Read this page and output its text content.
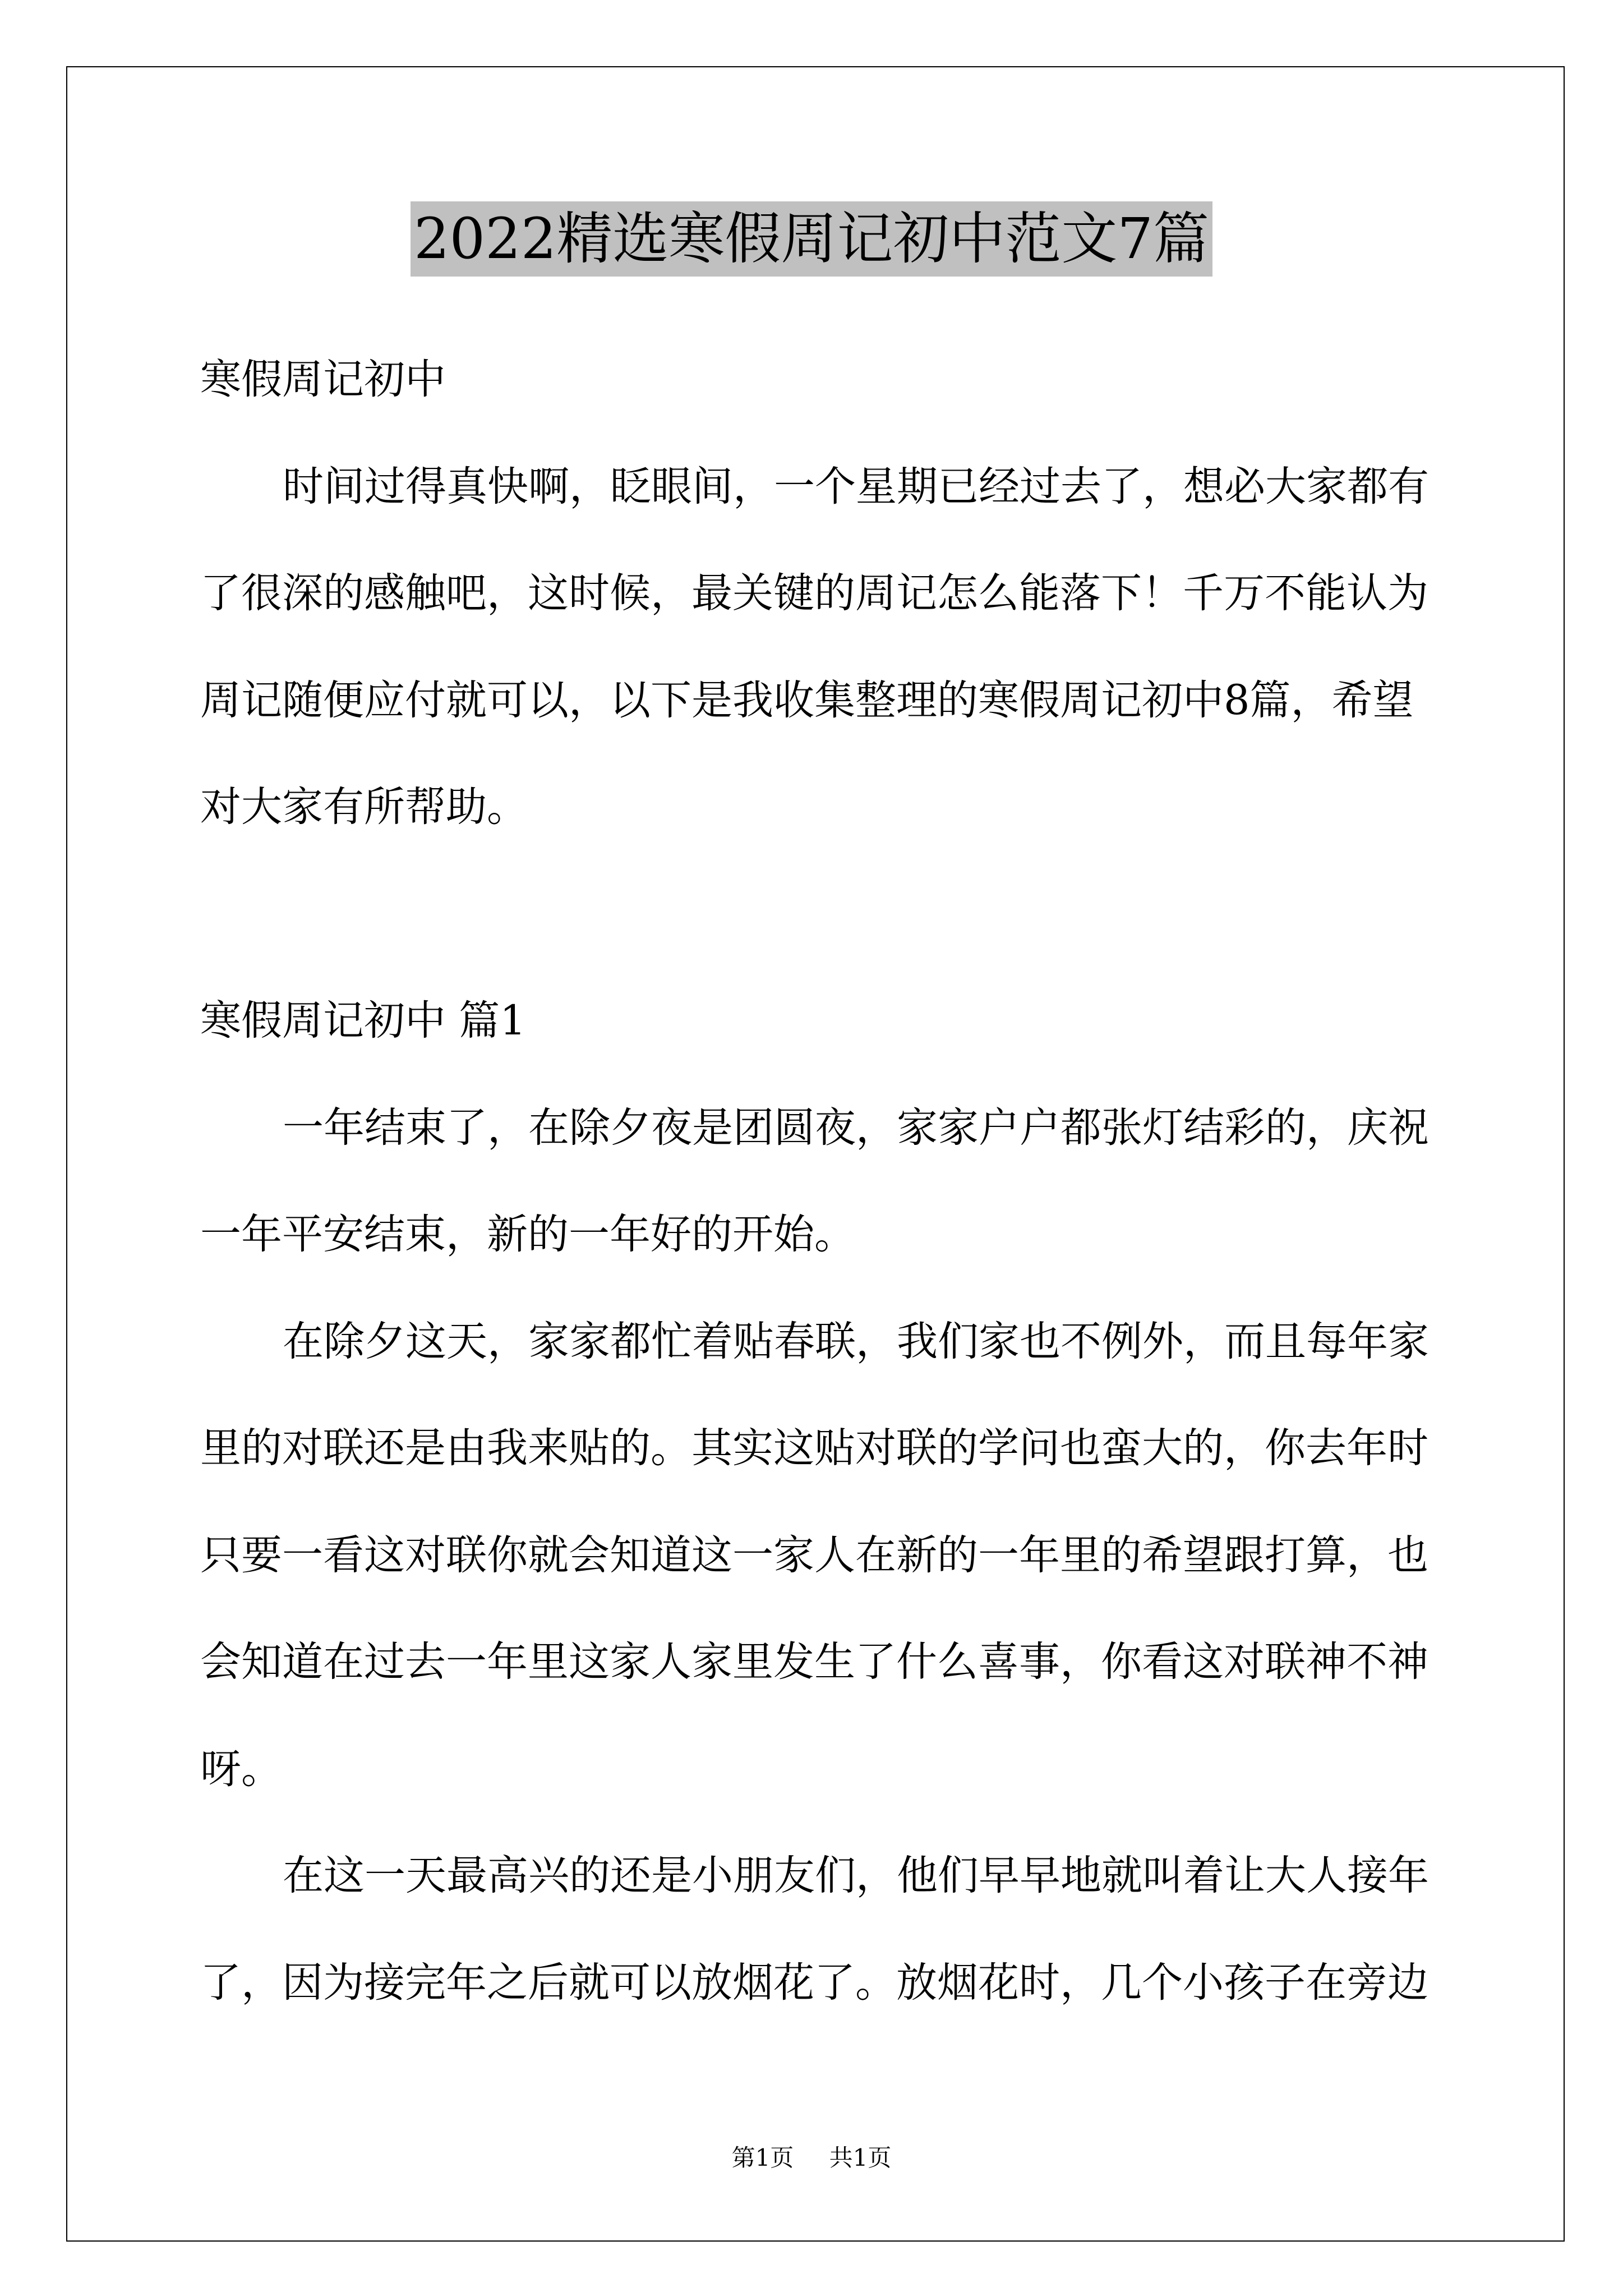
2022精选寒假周记初中范文7篇
寒假周记初中
时间过得真快啊，眨眼间，一个星期已经过去了，想必大家都有
了很深的感触吧，这时候，最关键的周记怎么能落下！千万不能认为
周记随便应付就可以，以下是我收集整理的寒假周记初中8篇，希望
对大家有所帮助。
寒假周记初中 篇1
一年结束了，在除夕夜是团圆夜，家家户户都张灯结彩的，庆祝
一年平安结束，新的一年好的开始。
在除夕这天，家家都忙着贴春联，我们家也不例外，而且每年家
里的对联还是由我来贴的。其实这贴对联的学问也蛮大的，你去年时
只要一看这对联你就会知道这一家人在新的一年里的希望跟打算，也
会知道在过去一年里这家人家里发生了什么喜事，你看这对联神不神
呀。
在这一天最高兴的还是小朋友们，他们早早地就叫着让大人接年
了，因为接完年之后就可以放烟花了。放烟花时，几个小孩子在旁边
第1页 共1页
